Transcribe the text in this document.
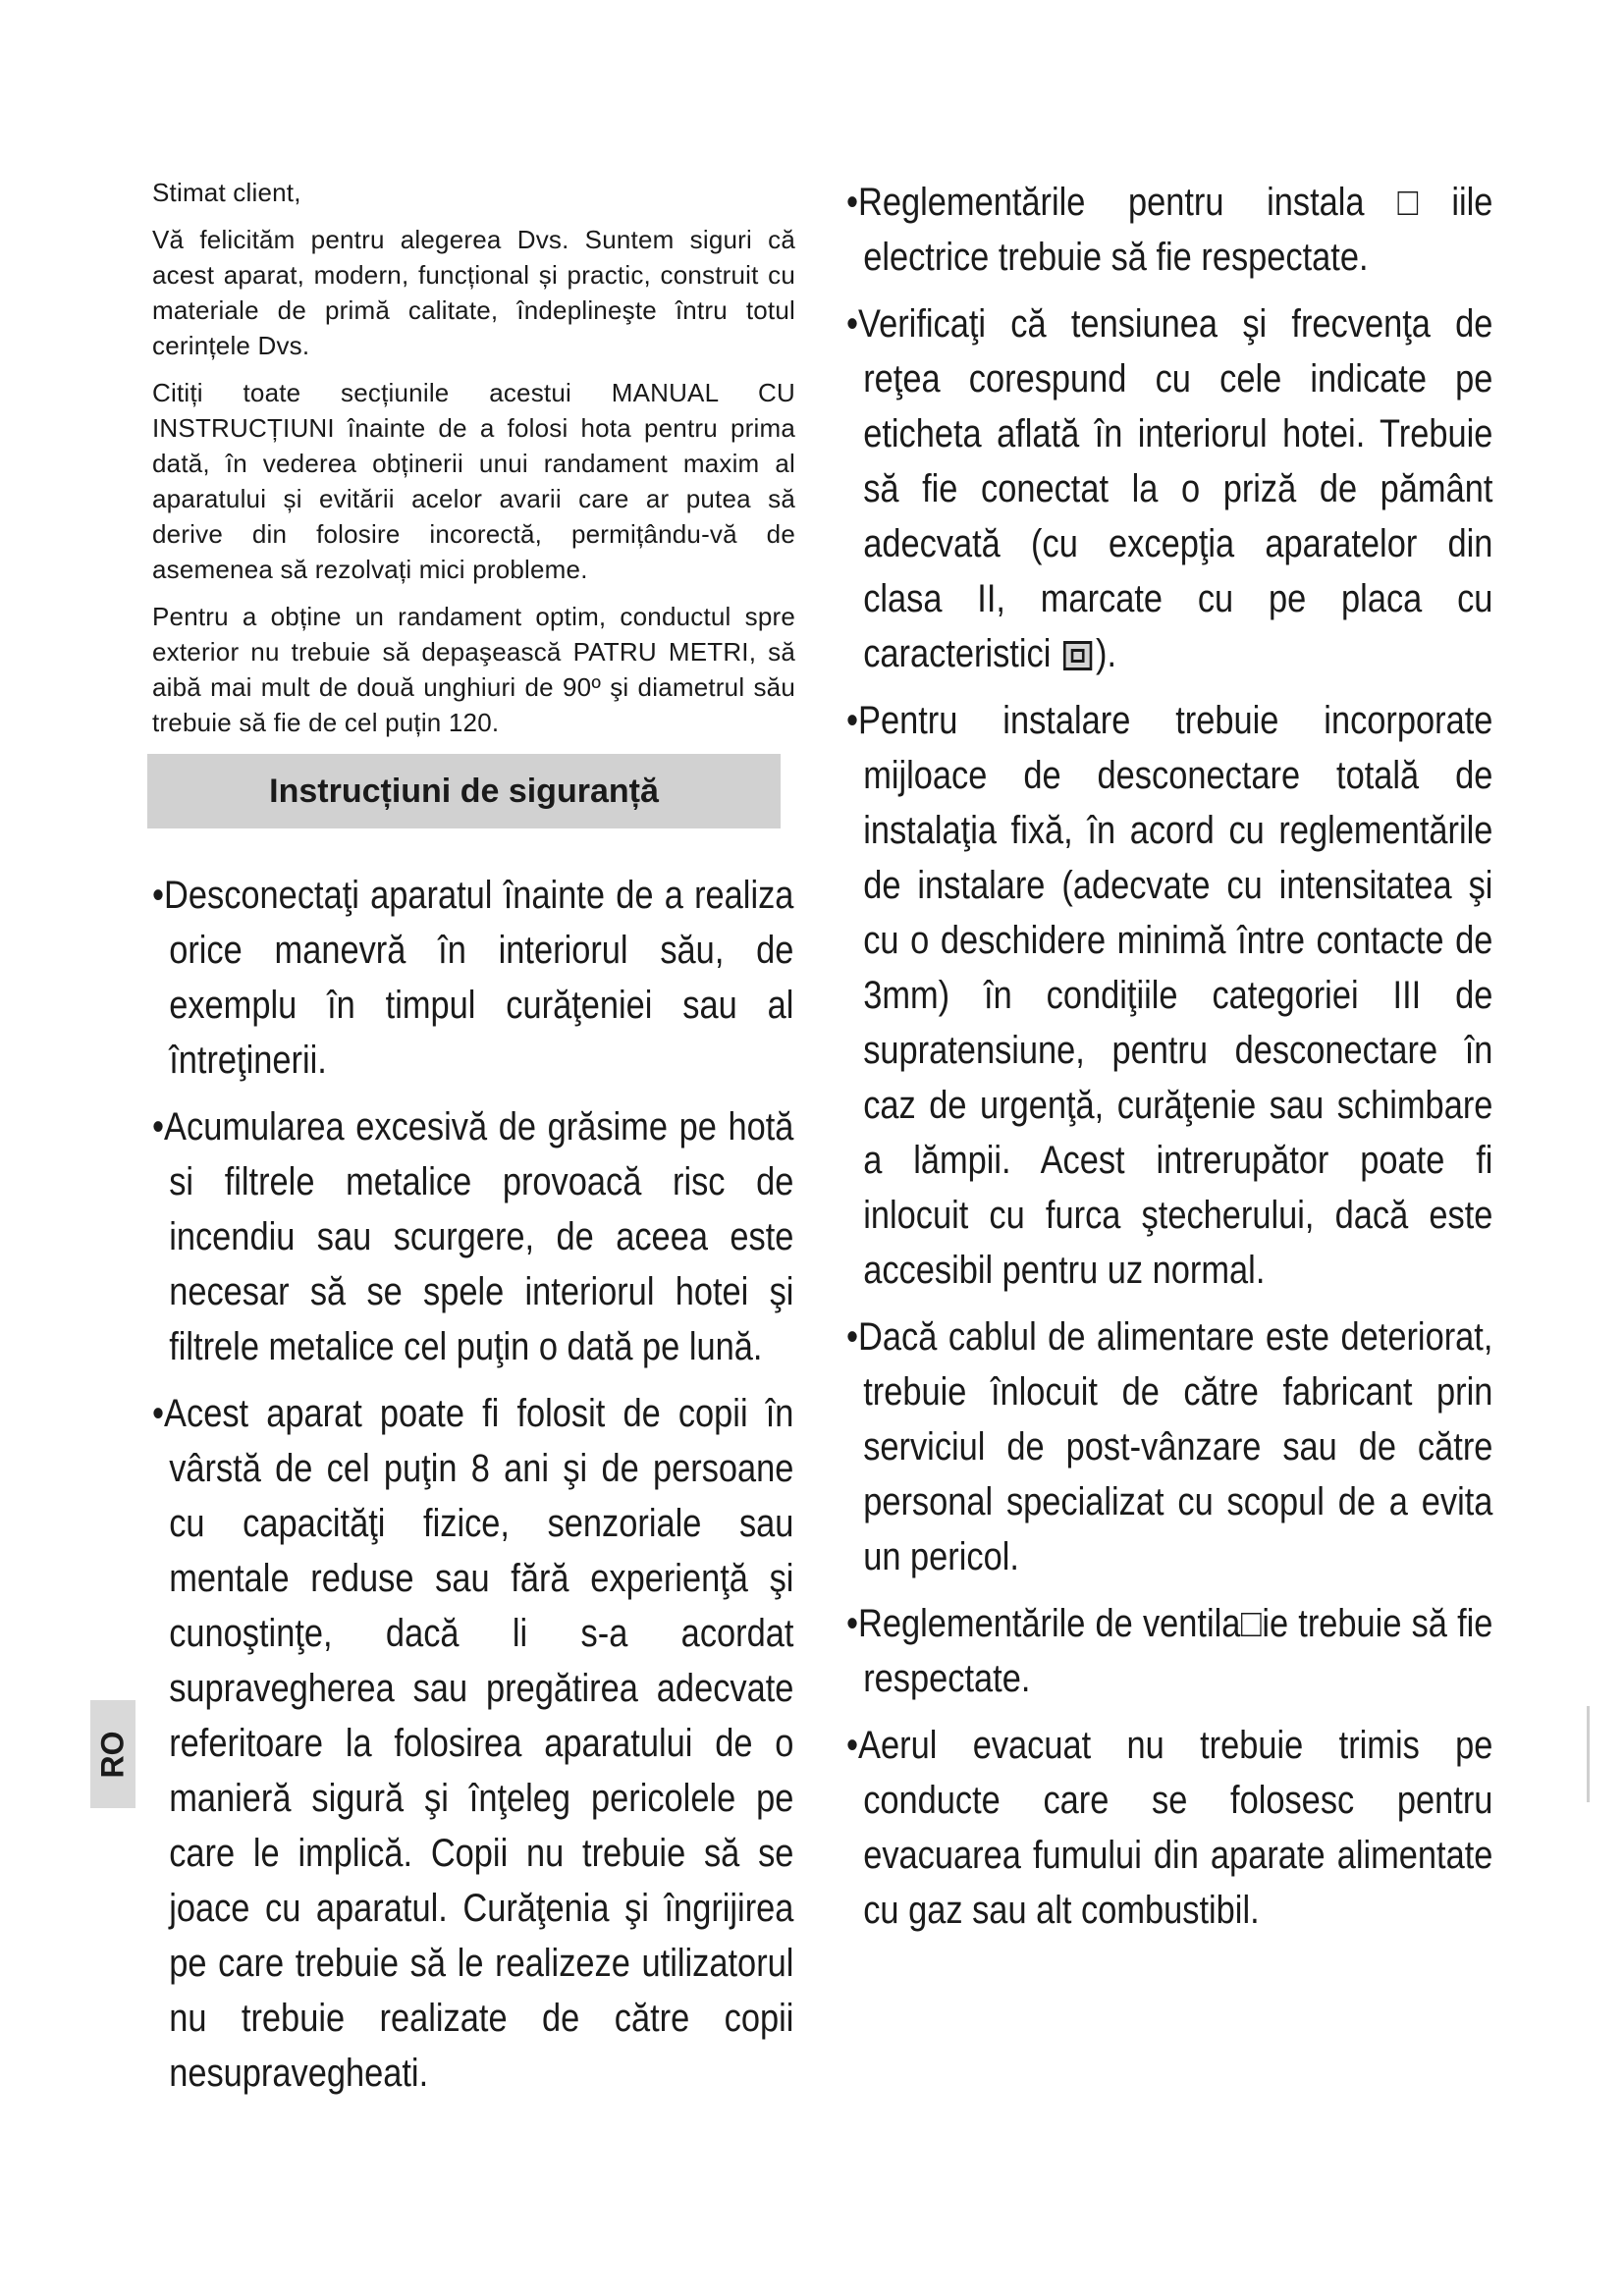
Stimat client,

Vă felicităm pentru alegerea Dvs. Suntem siguri că acest aparat, modern, funcțional și practic, construit cu materiale de primă calitate, îndeplineşte întru totul cerințele Dvs.

Citiți toate secțiunile acestui MANUAL CU INSTRUCȚIUNI înainte de a folosi hota pentru prima dată, în vederea obținerii unui randament maxim al aparatului și evitării acelor avarii care ar putea să derive din folosire incorectă, permițându-vă de asemenea să rezolvați mici probleme.

Pentru a obține un randament optim, conductul spre exterior nu trebuie să depaşească PATRU METRI, să aibă mai mult de două unghiuri de 90º şi diametrul său trebuie să fie de cel puțin 120.

Instrucțiuni de siguranță
•Desconectaţi aparatul înainte de a realiza orice manevră în interiorul său, de exemplu în timpul curăţeniei sau al întreţinerii.
•Acumularea excesivă de grăsime pe hotă si filtrele metalice provoacă risc de incendiu sau scurgere, de aceea este necesar să se spele interiorul hotei şi filtrele metalice cel puţin o dată pe lună.
•Acest aparat poate fi folosit de copii în vârstă de cel puţin 8 ani şi de persoane cu capacităţi fizice, senzoriale sau mentale reduse sau fără experienţă şi cunoştinţe, dacă li s-a acordat supravegherea sau pregătirea adecvate referitoare la folosirea aparatului de o manieră sigură şi înţeleg pericolele pe care le implică. Copii nu trebuie să se joace cu aparatul. Curăţenia şi îngrijirea pe care trebuie să le realizeze utilizatorul nu trebuie realizate de către copii nesupravegheati.
•Reglementările pentru instala□iile electrice trebuie să fie respectate.
•Verificaţi că tensiunea şi frecvenţa de reţea corespund cu cele indicate pe eticheta aflată în interiorul hotei. Trebuie să fie conectat la o priză de pământ adecvată (cu excepţia aparatelor din clasa II, marcate cu pe placa cu caracteristici ).
•Pentru instalare trebuie incorporate mijloace de desconectare totală de instalaţia fixă, în acord cu reglementările de instalare (adecvate cu intensitatea şi cu o deschidere minimă între contacte de 3mm) în condiţiile categoriei III de supratensiune, pentru desconectare în caz de urgenţă, curăţenie sau schimbare a lămpii. Acest intrerupător poate fi inlocuit cu furca ştecherului, dacă este accesibil pentru uz normal.
•Dacă cablul de alimentare este deteriorat, trebuie înlocuit de către fabricant prin serviciul de post-vânzare sau de către personal specializat cu scopul de a evita un pericol.
•Reglementările de ventila□ie trebuie să fie respectate.
•Aerul evacuat nu trebuie trimis pe conducte care se folosesc pentru evacuarea fumului din aparate alimentate cu gaz sau alt combustibil.
RO
